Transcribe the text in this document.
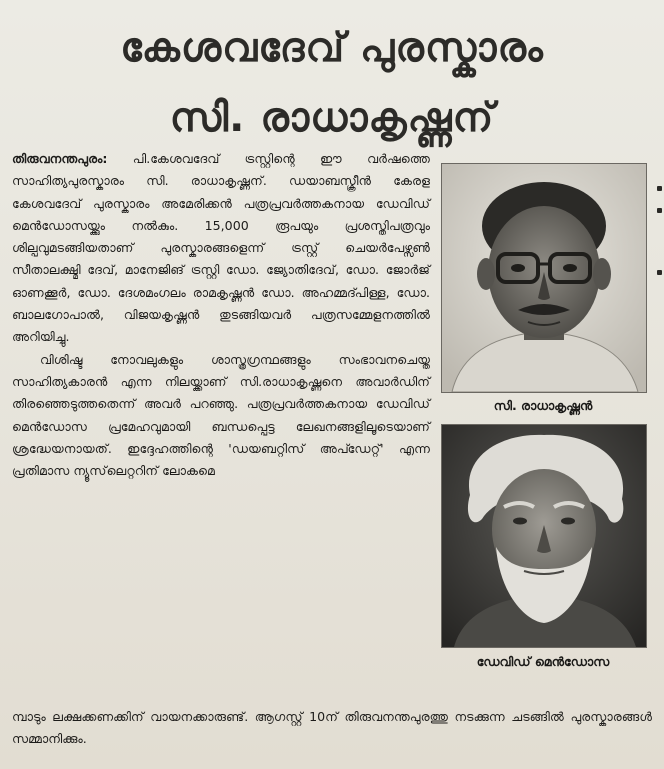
കേശവദേവ് പുരസ്കാരം
സി. രാധാകൃഷ്ണന്

തിരുവനന്തപുരം: പി.കേശവദേവ് ട്രസ്റ്റിന്റെ ഈ വർഷത്തെ സാഹിത്യപുരസ്കാരം സി. രാധാകൃഷ്ണന്. ഡയാബസ്ക്രീൻ കേരള കേശവദേവ് പുരസ്കാരം അമേരിക്കൻ പത്രപ്രവർത്തകനായ ഡേവിഡ് മെൻഡോസയ്ക്കും നൽകും. 15,000 രൂപയും പ്രശസ്തിപത്രവും ശില്പവുമടങ്ങിയതാണ് പുരസ്കാരങ്ങളെന്ന് ട്രസ്റ്റ് ചെയർപേഴ്സൺ സീതാലക്ഷ്മി ദേവ്, മാനേജിങ് ട്രസ്റ്റി ഡോ. ജ്യോതിദേവ്, ഡോ. ജോർജ് ഓണക്കൂർ, ഡോ. ദേശമംഗലം രാമകൃഷ്ണൻ ഡോ. അഹമ്മദ്പിള്ള, ഡോ. ബാലഗോപാൽ, വിജയകൃഷ്ണൻ തുടങ്ങിയവർ പത്രസമ്മേളനത്തിൽ അറിയിച്ചു.

വിശിഷ്ട നോവലുകളും ശാസ്ത്രഗ്രന്ഥങ്ങളും സംഭാവനചെയ്ത സാഹിത്യകാരൻ എന്ന നിലയ്ക്കാണ് സി.രാധാകൃഷ്ണനെ അവാർഡിന് തിരഞ്ഞെടുത്തതെന്ന് അവർ പറഞ്ഞു. പത്രപ്രവർത്തകനായ ഡേവിഡ് മെൻഡോസ പ്രമേഹവുമായി ബന്ധപ്പെട്ട ലേഖനങ്ങളിലൂടെയാണ് ശ്രദ്ധേയനായത്. ഇദ്ദേഹത്തിന്റെ 'ഡയബറ്റിസ് അപ്ഡേറ്റ്' എന്ന പ്രതിമാസ ന്യൂസ്‌ലെറ്ററിന് ലോകമെ

മ്പാടും ലക്ഷക്കണക്കിന് വായനക്കാരുണ്ട്. ആഗസ്റ്റ് 10ന് തിരുവനന്തപുരത്തു നടക്കുന്ന ചടങ്ങിൽ പുരസ്കാരങ്ങൾ സമ്മാനിക്കും.

സി. രാധാകൃഷ്ണൻ
ഡേവിഡ് മെൻഡോസ
